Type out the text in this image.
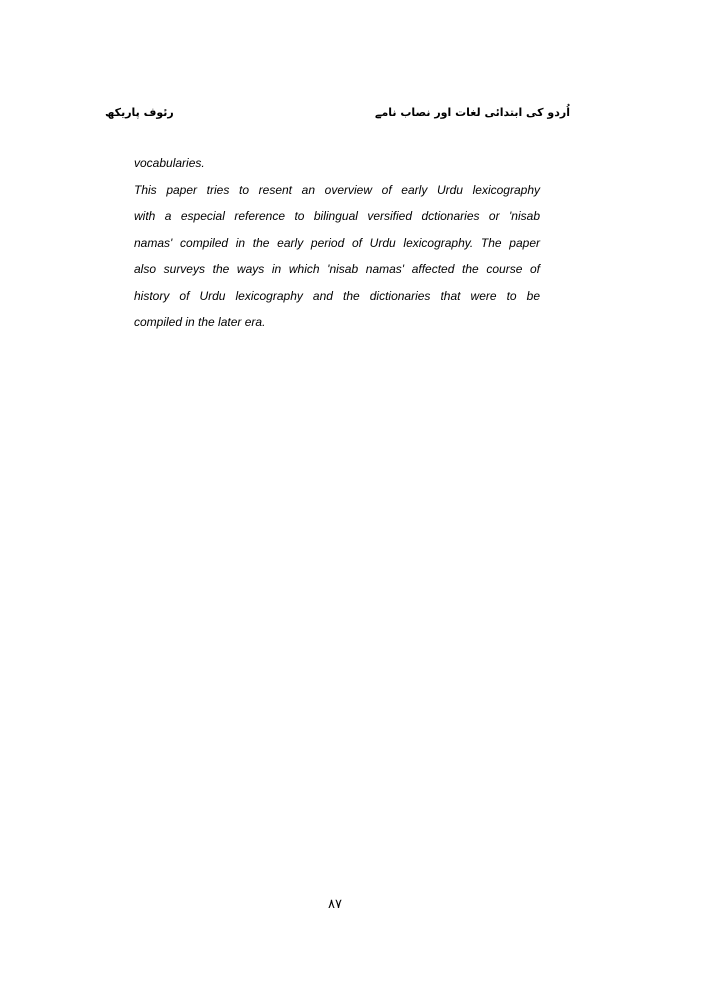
اُردو کی ابتدائی لغات اور نصاب نامے
رئوف پاریکھ
vocabularies.
This paper tries to resent an overview of early Urdu lexicography
with a especial reference to bilingual versified dctionaries or 'nisab
namas' compiled in the early period of Urdu lexicography. The paper
also surveys the ways in which 'nisab namas' affected the course of
history of Urdu lexicography and the dictionaries that were to be
compiled in the later era.
۸۷
